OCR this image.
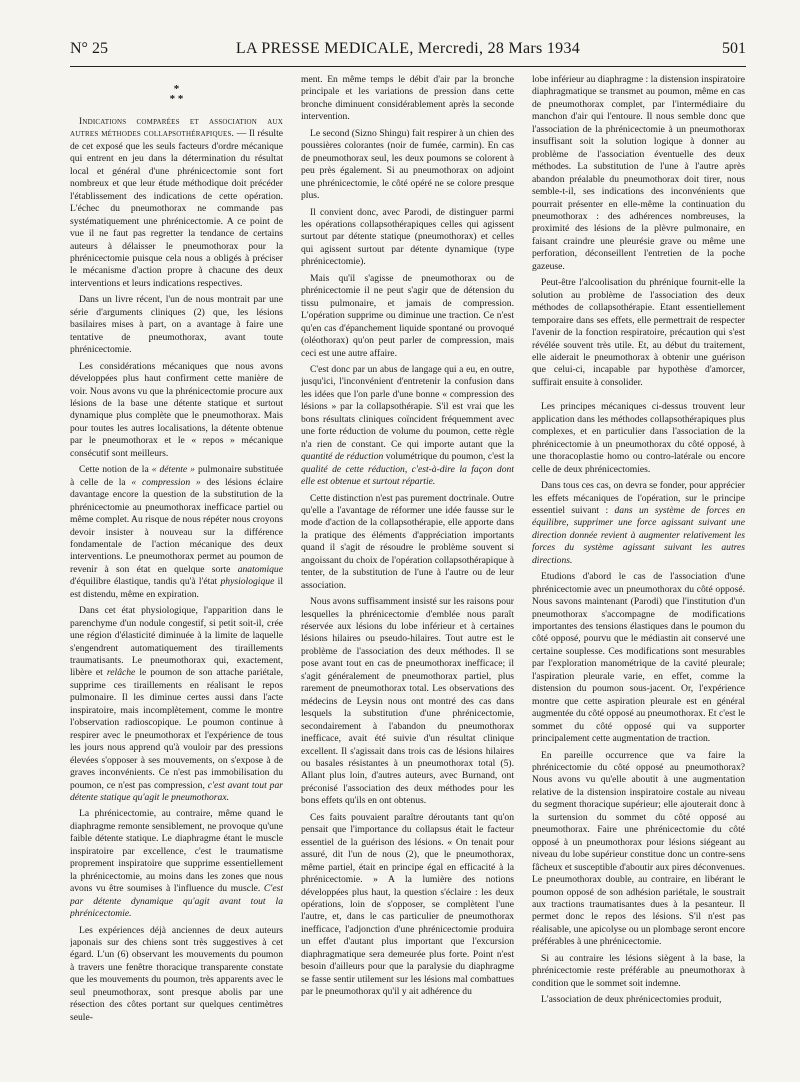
N° 25	LA PRESSE MEDICALE, Mercredi, 28 Mars 1934	501
*
* *

Indications comparées et association aux autres méthodes collapsothérapiques. — Il résulte de cet exposé que les seuls facteurs d'ordre mécanique qui entrent en jeu dans la détermination du résultat local et général d'une phrénicectomie sont fort nombreux et que leur étude méthodique doit précéder l'établissement des indications de cette opération. L'échec du pneumothorax ne commande pas systématiquement une phrénicectomie. A ce point de vue il ne faut pas regretter la tendance de certains auteurs à délaisser le pneumothorax pour la phrénicectomie puisque cela nous a obligés à préciser le mécanisme d'action propre à chacune des deux interventions et leurs indications respectives.

Dans un livre récent, l'un de nous montrait par une série d'arguments cliniques (2) que, les lésions basilaires mises à part, on a avantage à faire une tentative de pneumothorax, avant toute phrénicectomie.

Les considérations mécaniques que nous avons développées plus haut confirment cette manière de voir. Nous avons vu que la phrénicectomie procure aux lésions de la base une détente statique et surtout dynamique plus complète que le pneumothorax. Mais pour toutes les autres localisations, la détente obtenue par le pneumothorax et le « repos » mécanique consécutif sont meilleurs.

Cette notion de la « détente » pulmonaire substituée à celle de la « compression » des lésions éclaire davantage encore la question de la substitution de la phrénicectomie au pneumothorax inefficace partiel ou même complet. Au risque de nous répéter nous croyons devoir insister à nouveau sur la différence fondamentale de l'action mécanique des deux interventions. Le pneumothorax permet au poumon de revenir à son état en quelque sorte anatomique d'équilibre élastique, tandis qu'à l'état physiologique il est distendu, même en expiration.

Dans cet état physiologique, l'apparition dans le parenchyme d'un nodule congestif, si petit soit-il, crée une région d'élasticité diminuée à la limite de laquelle s'engendrent automatiquement des tiraillements traumatisants. Le pneumothorax qui, exactement, libère et relâche le poumon de son attache pariétale, supprime ces tiraillements en réalisant le repos pulmonaire. Il les diminue certes aussi dans l'acte inspiratoire, mais incomplètement, comme le montre l'observation radioscopique. Le poumon continue à respirer avec le pneumothorax et l'expérience de tous les jours nous apprend qu'à vouloir par des pressions élevées s'opposer à ses mouvements, on s'expose à de graves inconvénients. Ce n'est pas immobilisation du poumon, ce n'est pas compression, c'est avant tout par détente statique qu'agit le pneumothorax.

La phrénicectomie, au contraire, même quand le diaphragme remonte sensiblement, ne provoque qu'une faible détente statique. Le diaphragme étant le muscle inspiratoire par excellence, c'est le traumatisme proprement inspiratoire que supprime essentiellement la phrénicectomie, au moins dans les zones que nous avons vu être soumises à l'influence du muscle. C'est par détente dynamique qu'agit avant tout la phrénicectomie.

Les expériences déjà anciennes de deux auteurs japonais sur des chiens sont très suggestives à cet égard. L'un (6) observant les mouvements du poumon à travers une fenêtre thoracique transparente constate que les mouvements du poumon, très apparents avec le seul pneumothorax, sont presque abolis par une résection des côtes portant sur quelques centimètres seule-

ment. En même temps le débit d'air par la bronche principale et les variations de pression dans cette bronche diminuent considérablement après la seconde intervention.

Le second (Sizno Shingu) fait respirer à un chien des poussières colorantes (noir de fumée, carmin). En cas de pneumothorax seul, les deux poumons se colorent à peu près également. Si au pneumothorax on adjoint une phrénicectomie, le côté opéré ne se colore presque plus.

Il convient donc, avec Parodi, de distinguer parmi les opérations collapsothérapiques celles qui agissent surtout par détente statique (pneumothorax) et celles qui agissent surtout par détente dynamique (type phrénicectomie).

Mais qu'il s'agisse de pneumothorax ou de phrénicectomie il ne peut s'agir que de détension du tissu pulmonaire, et jamais de compression. L'opération supprime ou diminue une traction. Ce n'est qu'en cas d'épanchement liquide spontané ou provoqué (oléothorax) qu'on peut parler de compression, mais ceci est une autre affaire.

C'est donc par un abus de langage qui a eu, en outre, jusqu'ici, l'inconvénient d'entretenir la confusion dans les idées que l'on parle d'une bonne « compression des lésions » par la collapsothérapie. S'il est vrai que les bons résultats cliniques coïncident fréquemment avec une forte réduction de volume du poumon, cette règle n'a rien de constant. Ce qui importe autant que la quantité de réduction volumétrique du poumon, c'est la qualité de cette réduction, c'est-à-dire la façon dont elle est obtenue et surtout répartie.

Cette distinction n'est pas purement doctrinale. Outre qu'elle a l'avantage de réformer une idée fausse sur le mode d'action de la collapsothérapie, elle apporte dans la pratique des éléments d'appréciation importants quand il s'agit de résoudre le problème souvent si angoissant du choix de l'opération collapsothérapique à tenter, de la substitution de l'une à l'autre ou de leur association.

Nous avons suffisamment insisté sur les raisons pour lesquelles la phrénicectomie d'emblée nous paraît réservée aux lésions du lobe inférieur et à certaines lésions hilaires ou pseudo-hilaires. Tout autre est le problème de l'association des deux méthodes. Il se pose avant tout en cas de pneumothorax inefficace; il s'agit généralement de pneumothorax partiel, plus rarement de pneumothorax total. Les observations des médecins de Leysin nous ont montré des cas dans lesquels la substitution d'une phrénicectomie, secondairement à l'abandon du pneumothorax inefficace, avait été suivie d'un résultat clinique excellent. Il s'agissait dans trois cas de lésions hilaires ou basales résistantes à un pneumothorax total (5). Allant plus loin, d'autres auteurs, avec Burnand, ont préconisé l'association des deux méthodes pour les bons effets qu'ils en ont obtenus.

Ces faits pouvaient paraître déroutants tant qu'on pensait que l'importance du collapsus était le facteur essentiel de la guérison des lésions. « On tenait pour assuré, dit l'un de nous (2), que le pneumothorax, même partiel, était en principe égal en efficacité à la phrénicectomie. » A la lumière des notions développées plus haut, la question s'éclaire : les deux opérations, loin de s'opposer, se complètent l'une l'autre, et, dans le cas particulier de pneumothorax inefficace, l'adjonction d'une phrénicectomie produira un effet d'autant plus important que l'excursion diaphragmatique sera demeurée plus forte. Point n'est besoin d'ailleurs pour que la paralysie du diaphragme se fasse sentir utilement sur les lésions mal combattues par le pneumothorax qu'il y ait adhérence du

lobe inférieur au diaphragme : la distension inspiratoire diaphragmatique se transmet au poumon, même en cas de pneumothorax complet, par l'intermédiaire du manchon d'air qui l'entoure. Il nous semble donc que l'association de la phrénicectomie à un pneumothorax insuffisant soit la solution logique à donner au problème de l'association éventuelle des deux méthodes. La substitution de l'une à l'autre après abandon préalable du pneumothorax doit tirer, nous semble-t-il, ses indications des inconvénients que pourrait présenter en elle-même la continuation du pneumothorax : des adhérences nombreuses, la proximité des lésions de la plèvre pulmonaire, en faisant craindre une pleurésie grave ou même une perforation, déconseillent l'entretien de la poche gazeuse.

Peut-être l'alcoolisation du phrénique fournit-elle la solution au problème de l'association des deux méthodes de collapsothérapie. Etant essentiellement temporaire dans ses effets, elle permettrait de respecter l'avenir de la fonction respiratoire, précaution qui s'est révélée souvent très utile. Et, au début du traitement, elle aiderait le pneumothorax à obtenir une guérison que celui-ci, incapable par hypothèse d'amorcer, suffirait ensuite à consolider.

Les principes mécaniques ci-dessus trouvent leur application dans les méthodes collapsothérapiques plus complexes, et en particulier dans l'association de la phrénicectomie à un pneumothorax du côté opposé, à une thoracoplastie homo ou contro-latérale ou encore celle de deux phrénicectomies.

Dans tous ces cas, on devra se fonder, pour apprécier les effets mécaniques de l'opération, sur le principe essentiel suivant : dans un système de forces en équilibre, supprimer une force agissant suivant une direction donnée revient à augmenter relativement les forces du système agissant suivant les autres directions.

Etudions d'abord le cas de l'association d'une phrénicectomie avec un pneumothorax du côté opposé. Nous savons maintenant (Parodi) que l'institution d'un pneumothorax s'accompagne de modifications importantes des tensions élastiques dans le poumon du côté opposé, pourvu que le médiastin ait conservé une certaine souplesse. Ces modifications sont mesurables par l'exploration manométrique de la cavité pleurale; l'aspiration pleurale varie, en effet, comme la distension du poumon sous-jacent. Or, l'expérience montre que cette aspiration pleurale est en général augmentée du côté opposé au pneumothorax. Et c'est le sommet du côté opposé qui va supporter principalement cette augmentation de traction.

En pareille occurrence que va faire la phrénicectomie du côté opposé au pneumothorax? Nous avons vu qu'elle aboutit à une augmentation relative de la distension inspiratoire costale au niveau du segment thoracique supérieur; elle ajouterait donc à la surtension du sommet du côté opposé au pneumothorax. Faire une phrénicectomie du côté opposé à un pneumothorax pour lésions siégeant au niveau du lobe supérieur constitue donc un contre-sens fâcheux et susceptible d'aboutir aux pires déconvenues. Le pneumothorax double, au contraire, en libérant le poumon opposé de son adhésion pariétale, le soustrait aux tractions traumatisantes dues à la pesanteur. Il permet donc le repos des lésions. S'il n'est pas réalisable, une apicolyse ou un plombage seront encore préférables à une phrénicectomie.

Si au contraire les lésions siègent à la base, la phrénicectomie reste préférable au pneumothorax à condition que le sommet soit indemne.

L'association de deux phrénicectomies produit,
